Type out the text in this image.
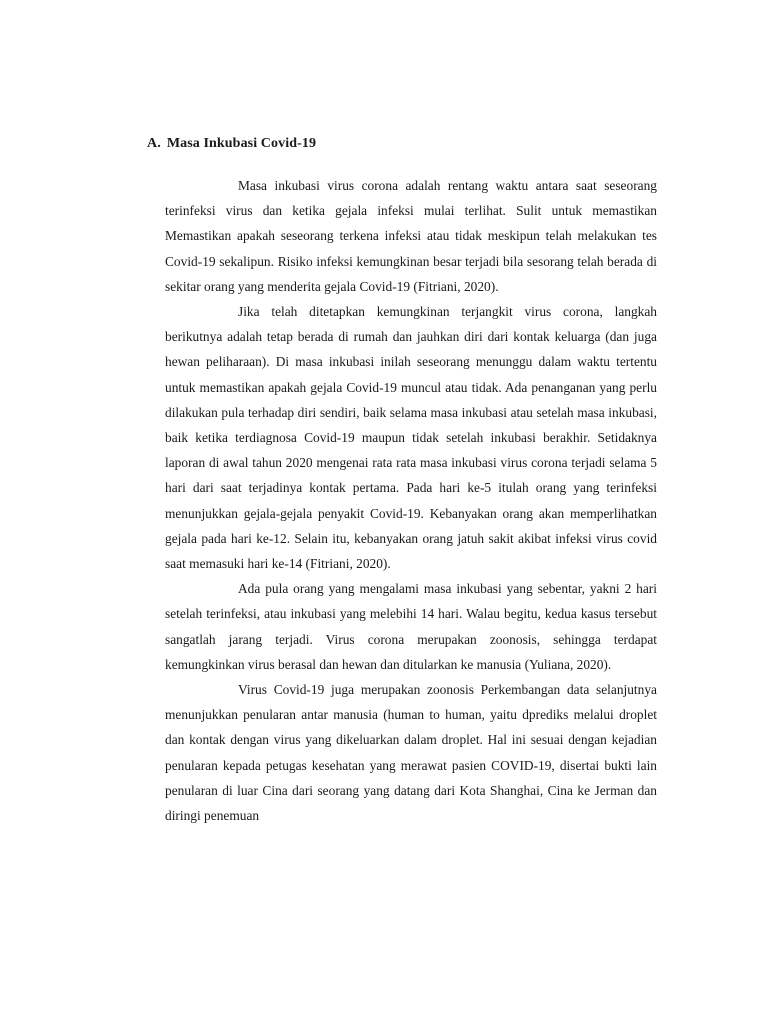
A. Masa Inkubasi Covid-19

Masa inkubasi virus corona adalah rentang waktu antara saat seseorang terinfeksi virus dan ketika gejala infeksi mulai terlihat. Sulit untuk memastikan Memastikan apakah seseorang terkena infeksi atau tidak meskipun telah melakukan tes Covid-19 sekalipun. Risiko infeksi kemungkinan besar terjadi bila sesorang telah berada di sekitar orang yang menderita gejala Covid-19 (Fitriani, 2020).

Jika telah ditetapkan kemungkinan terjangkit virus corona, langkah berikutnya adalah tetap berada di rumah dan jauhkan diri dari kontak keluarga (dan juga hewan peliharaan). Di masa inkubasi inilah seseorang menunggu dalam waktu tertentu untuk memastikan apakah gejala Covid-19 muncul atau tidak. Ada penanganan yang perlu dilakukan pula terhadap diri sendiri, baik selama masa inkubasi atau setelah masa inkubasi, baik ketika terdiagnosa Covid-19 maupun tidak setelah inkubasi berakhir. Setidaknya laporan di awal tahun 2020 mengenai rata rata masa inkubasi virus corona terjadi selama 5 hari dari saat terjadinya kontak pertama. Pada hari ke-5 itulah orang yang terinfeksi menunjukkan gejala-gejala penyakit Covid-19. Kebanyakan orang akan memperlihatkan gejala pada hari ke-12. Selain itu, kebanyakan orang jatuh sakit akibat infeksi virus covid saat memasuki hari ke-14 (Fitriani, 2020).

Ada pula orang yang mengalami masa inkubasi yang sebentar, yakni 2 hari setelah terinfeksi, atau inkubasi yang melebihi 14 hari. Walau begitu, kedua kasus tersebut sangatlah jarang terjadi. Virus corona merupakan zoonosis, sehingga terdapat kemungkinkan virus berasal dan hewan dan ditularkan ke manusia (Yuliana, 2020).

Virus Covid-19 juga merupakan zoonosis Perkembangan data selanjutnya menunjukkan penularan antar manusia (human to human, yaitu dprediks melalui droplet dan kontak dengan virus yang dikeluarkan dalam droplet. Hal ini sesuai dengan kejadian penularan kepada petugas kesehatan yang merawat pasien COVID-19, disertai bukti lain penularan di luar Cina dari seorang yang datang dari Kota Shanghai, Cina ke Jerman dan diringi penemuan
